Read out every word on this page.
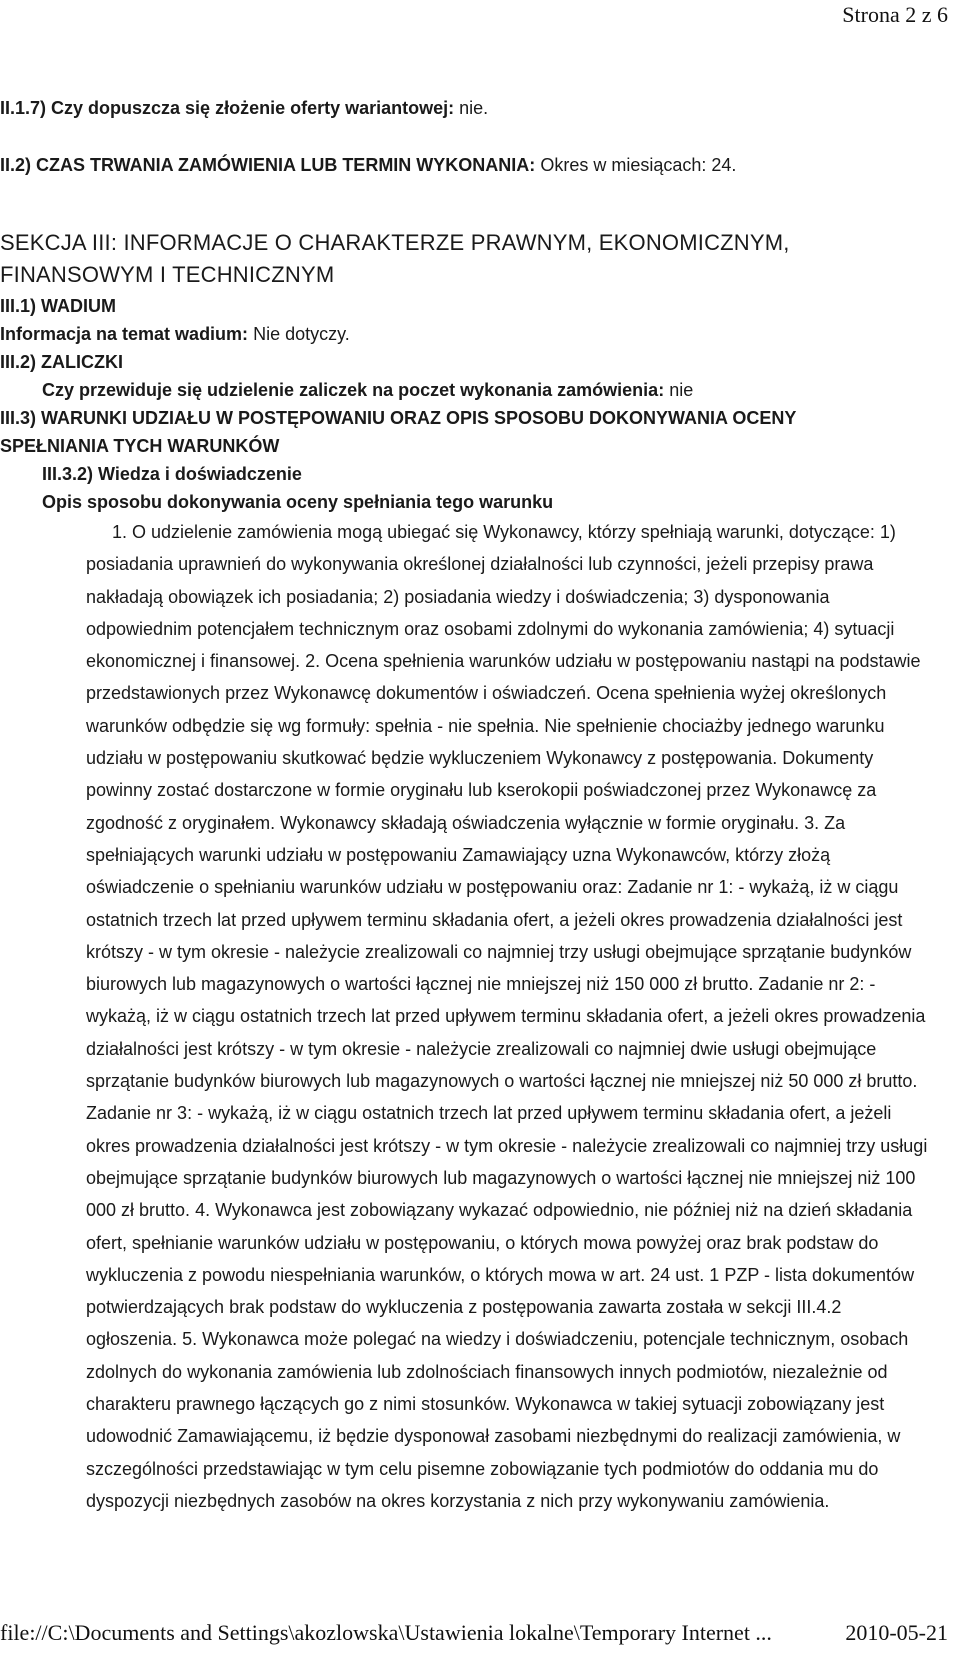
Strona 2 z 6
II.1.7) Czy dopuszcza się złożenie oferty wariantowej: nie.
II.2) CZAS TRWANIA ZAMÓWIENIA LUB TERMIN WYKONANIA: Okres w miesiącach: 24.
SEKCJA III: INFORMACJE O CHARAKTERZE PRAWNYM, EKONOMICZNYM, FINANSOWYM I TECHNICZNYM
III.1) WADIUM
Informacja na temat wadium: Nie dotyczy.
III.2) ZALICZKI
Czy przewiduje się udzielenie zaliczek na poczet wykonania zamówienia: nie
III.3) WARUNKI UDZIAŁU W POSTĘPOWANIU ORAZ OPIS SPOSOBU DOKONYWANIA OCENY
SPEŁNIANIA TYCH WARUNKÓW
III.3.2) Wiedza i doświadczenie
Opis sposobu dokonywania oceny spełniania tego warunku

1. O udzielenie zamówienia mogą ubiegać się Wykonawcy, którzy spełniają warunki, dotyczące: 1) posiadania uprawnień do wykonywania określonej działalności lub czynności, jeżeli przepisy prawa nakładają obowiązek ich posiadania; 2) posiadania wiedzy i doświadczenia; 3) dysponowania odpowiednim potencjałem technicznym oraz osobami zdolnymi do wykonania zamówienia; 4) sytuacji ekonomicznej i finansowej. 2. Ocena spełnienia warunków udziału w postępowaniu nastąpi na podstawie przedstawionych przez Wykonawcę dokumentów i oświadczeń. Ocena spełnienia wyżej określonych warunków odbędzie się wg formuły: spełnia - nie spełnia. Nie spełnienie chociażby jednego warunku udziału w postępowaniu skutkować będzie wykluczeniem Wykonawcy z postępowania. Dokumenty powinny zostać dostarczone w formie oryginału lub kserokopii poświadczonej przez Wykonawcę za zgodność z oryginałem. Wykonawcy składają oświadczenia wyłącznie w formie oryginału. 3. Za spełniających warunki udziału w postępowaniu Zamawiający uzna Wykonawców, którzy złożą oświadczenie o spełnianiu warunków udziału w postępowaniu oraz: Zadanie nr 1: - wykażą, iż w ciągu ostatnich trzech lat przed upływem terminu składania ofert, a jeżeli okres prowadzenia działalności jest krótszy - w tym okresie - należycie zrealizowali co najmniej trzy usługi obejmujące sprzątanie budynków biurowych lub magazynowych o wartości łącznej nie mniejszej niż 150 000 zł brutto. Zadanie nr 2: - wykażą, iż w ciągu ostatnich trzech lat przed upływem terminu składania ofert, a jeżeli okres prowadzenia działalności jest krótszy - w tym okresie - należycie zrealizowali co najmniej dwie usługi obejmujące sprzątanie budynków biurowych lub magazynowych o wartości łącznej nie mniejszej niż 50 000 zł brutto. Zadanie nr 3: - wykażą, iż w ciągu ostatnich trzech lat przed upływem terminu składania ofert, a jeżeli okres prowadzenia działalności jest krótszy - w tym okresie - należycie zrealizowali co najmniej trzy usługi obejmujące sprzątanie budynków biurowych lub magazynowych o wartości łącznej nie mniejszej niż 100 000 zł brutto. 4. Wykonawca jest zobowiązany wykazać odpowiednio, nie później niż na dzień składania ofert, spełnianie warunków udziału w postępowaniu, o których mowa powyżej oraz brak podstaw do wykluczenia z powodu niespełniania warunków, o których mowa w art. 24 ust. 1 PZP - lista dokumentów potwierdzających brak podstaw do wykluczenia z postępowania zawarta została w sekcji III.4.2 ogłoszenia. 5. Wykonawca może polegać na wiedzy i doświadczeniu, potencjale technicznym, osobach zdolnych do wykonania zamówienia lub zdolnościach finansowych innych podmiotów, niezależnie od charakteru prawnego łączących go z nimi stosunków. Wykonawca w takiej sytuacji zobowiązany jest udowodnić Zamawiającemu, iż będzie dysponował zasobami niezbędnymi do realizacji zamówienia, w szczególności przedstawiając w tym celu pisemne zobowiązanie tych podmiotów do oddania mu do dyspozycji niezbędnych zasobów na okres korzystania z nich przy wykonywaniu zamówienia.

file://C:\Documents and Settings\akozlowska\Ustawienia lokalne\Temporary Internet ...	2010-05-21
